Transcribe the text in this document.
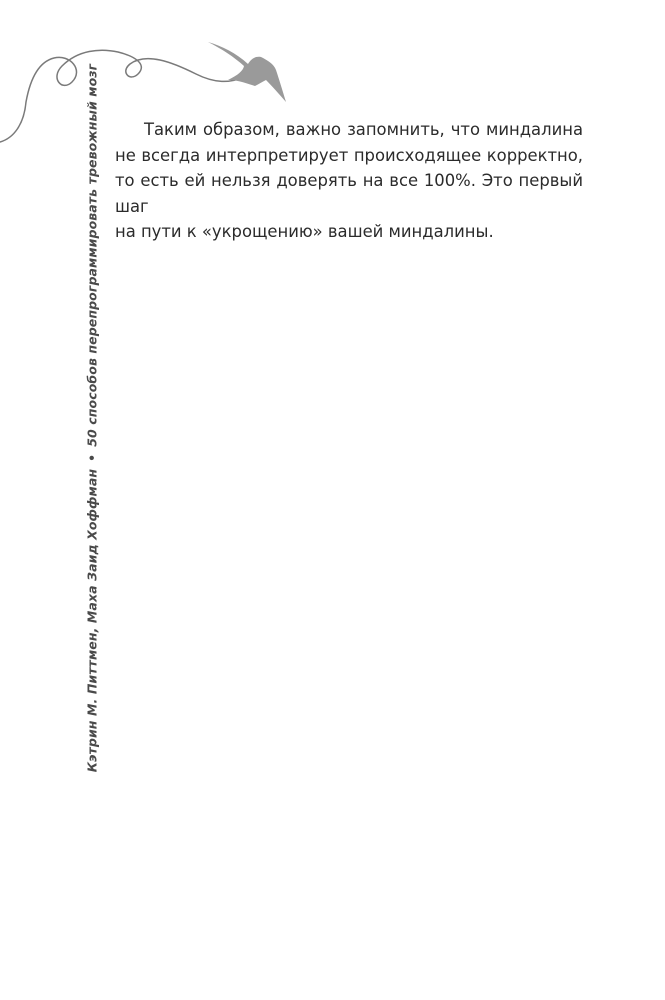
Кэтрин М. Питтмен, Маха Заид Хоффман•50 способов перепрограммировать тревожный мозг	Таким образом, важно запомнить, что миндалина
не всегда интерпретирует происходящее корректно,
то есть ей нельзя доверять на все 100%. Это первый шаг
на пути к «укрощению» вашей миндалины.
